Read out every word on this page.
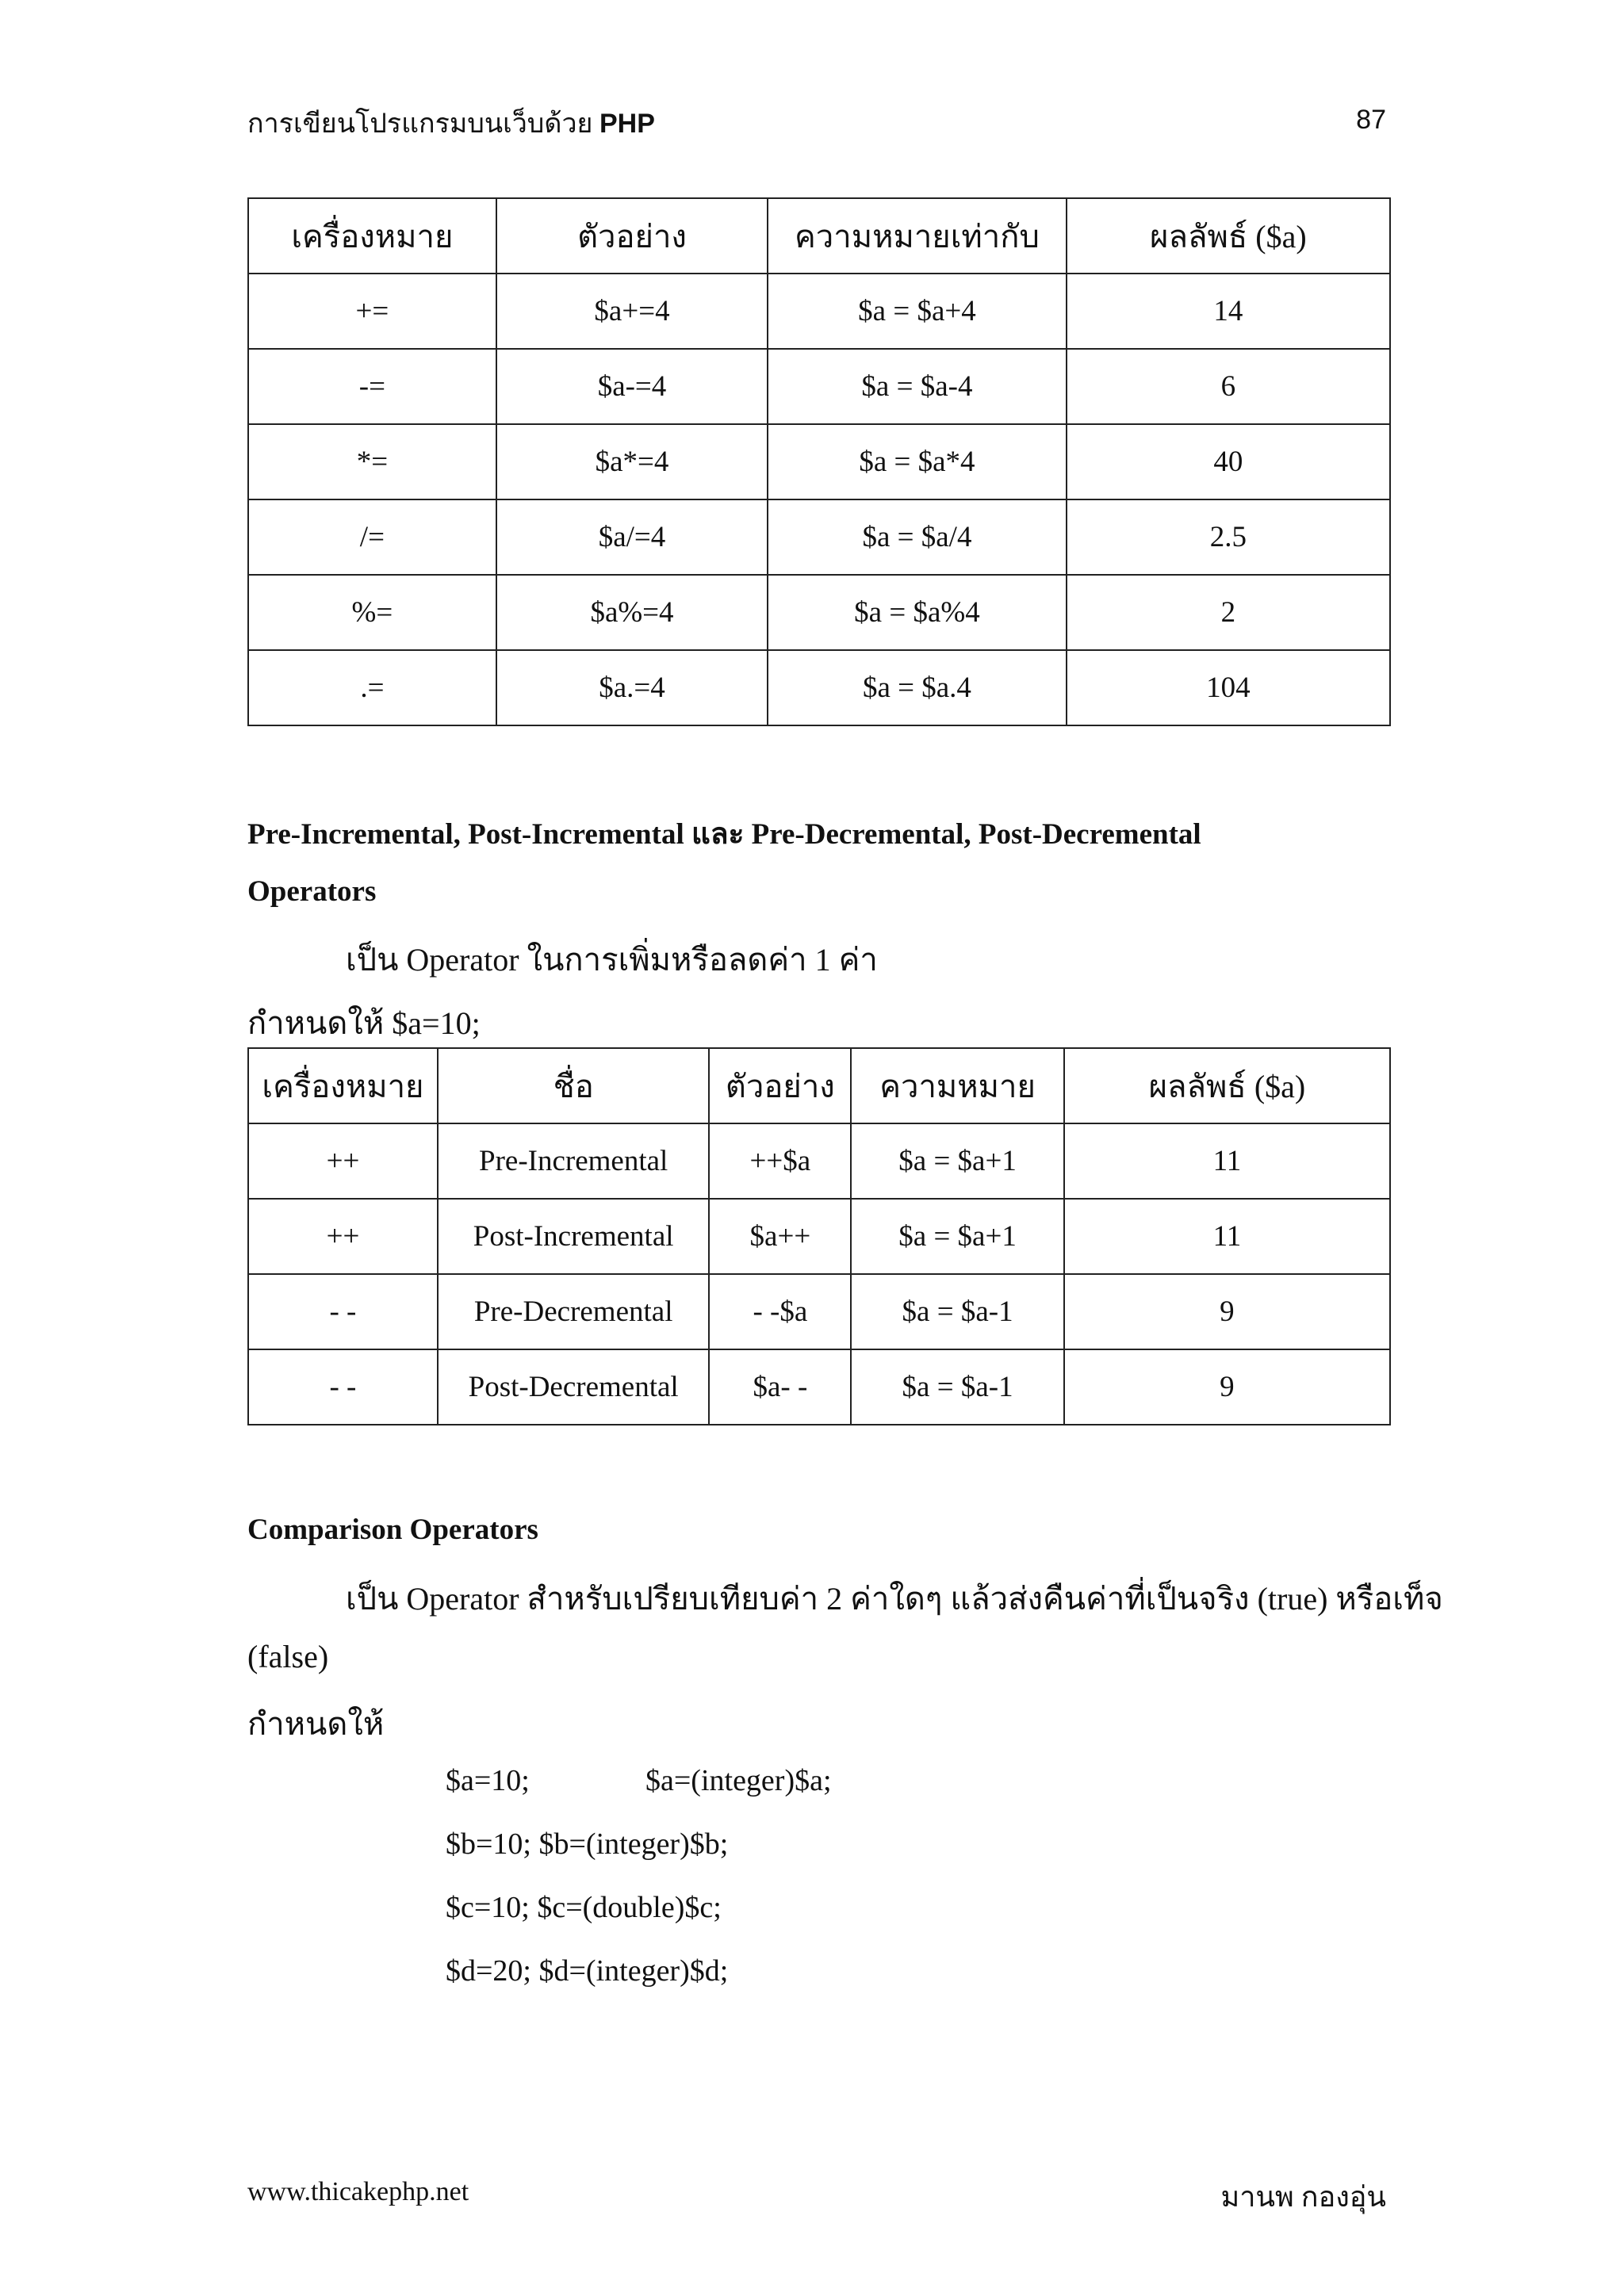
การเขียนโปรแกรมบนเว็บด้วย PHP	87
เครื่องหมาย	ตัวอย่าง	ความหมายเท่ากับ	ผลลัพธ์ ($a)
+=	$a+=4	$a = $a+4	14
-=	$a-=4	$a = $a-4	6
*=	$a*=4	$a = $a*4	40
/=	$a/=4	$a = $a/4	2.5
%=	$a%=4	$a = $a%4	2
.=	$a.=4	$a = $a.4	104
Pre-Incremental, Post-Incremental และ Pre-Decremental, Post-Decremental
Operators
เป็น Operator ในการเพิ่มหรือลดค่า 1 ค่า
กำหนดให้ $a=10;
เครื่องหมาย	ชื่อ	ตัวอย่าง	ความหมาย	ผลลัพธ์ ($a)
++	Pre-Incremental	++$a	$a = $a+1	11
++	Post-Incremental	$a++	$a = $a+1	11
- -	Pre-Decremental	- -$a	$a = $a-1	9
- -	Post-Decremental	$a- -	$a = $a-1	9
Comparison Operators
เป็น Operator สำหรับเปรียบเทียบค่า 2 ค่าใดๆ แล้วส่งคืนค่าที่เป็นจริง (true) หรือเท็จ
(false)
กำหนดให้
$a=10;	$a=(integer)$a;
$b=10; $b=(integer)$b;
$c=10; $c=(double)$c;
$d=20; $d=(integer)$d;
www.thicakephp.net	มานพ กองอุ่น
